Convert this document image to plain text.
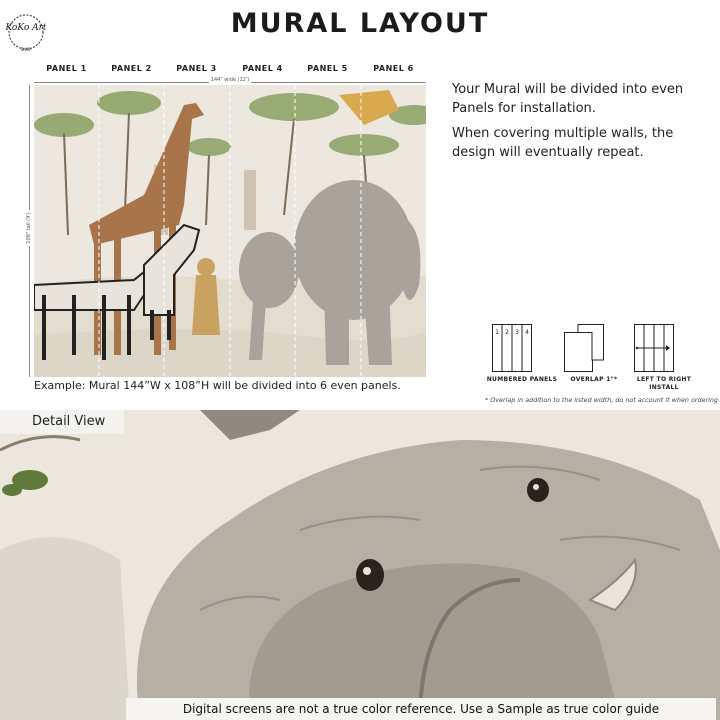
KoKo Art
SHOP
MURAL LAYOUT
PANEL 1	PANEL 2	PANEL 3	PANEL 4	PANEL 5	PANEL 6
144" wide (12')
108" tall (9')
Example: Mural 144”W x 108”H will be divided into 6 even panels.

Your Mural will be divided into even Panels for installation.

When covering multiple walls, the design will eventually repeat.

1 2 3 4
NUMBERED PANELS	OVERLAP 1"*	LEFT TO RIGHT INSTALL
* Overlap in addition to the listed width, do not account it when ordering
Detail View
Digital screens are not a true color reference. Use a Sample as true color guide
